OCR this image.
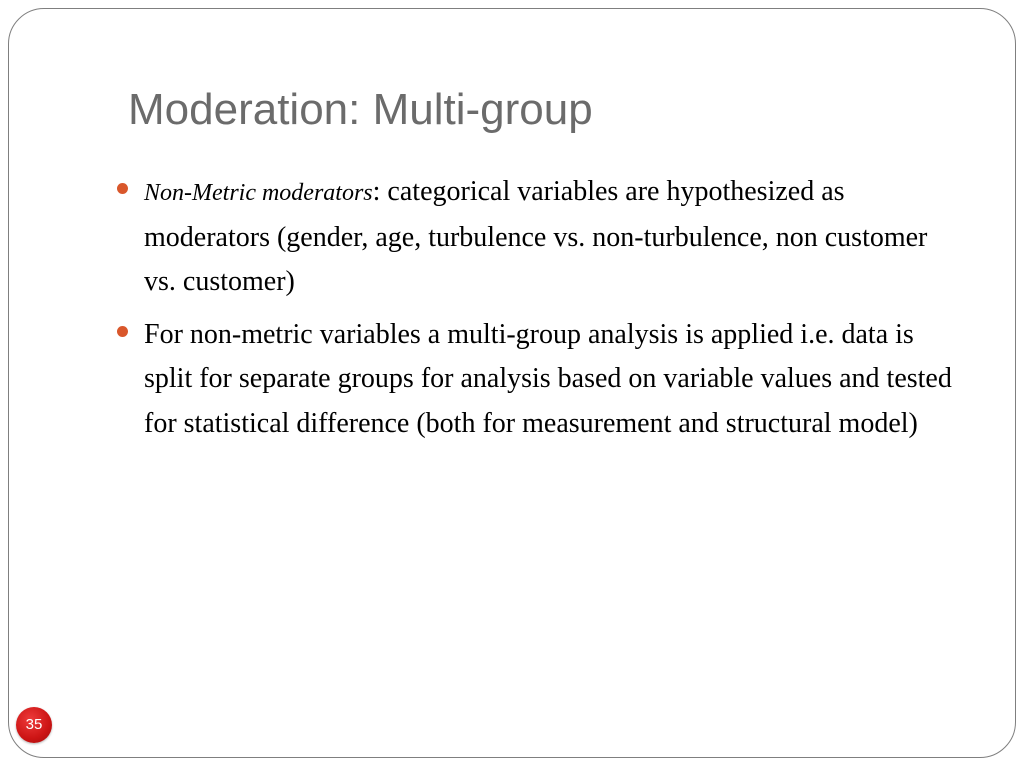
Moderation: Multi-group
Non-Metric moderators: categorical variables are hypothesized as moderators (gender, age, turbulence vs. non-turbulence, non customer vs. customer)
For non-metric variables a multi-group analysis is applied i.e. data is split for separate groups for analysis based on variable values and tested for statistical difference (both for measurement and structural model)
35
